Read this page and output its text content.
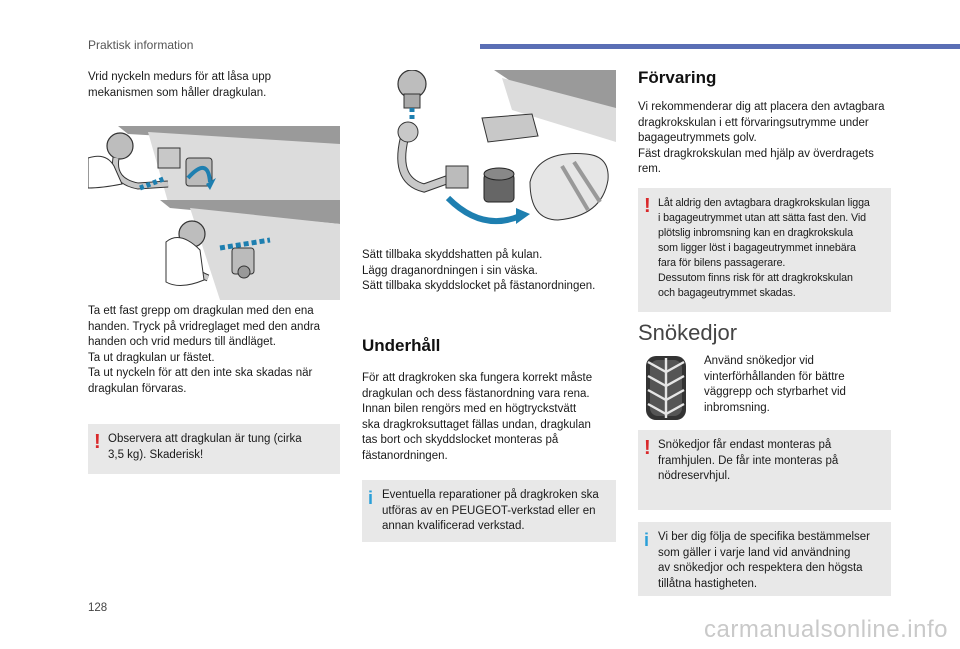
Praktisk information
Vrid nyckeln medurs för att låsa upp
mekanismen som håller dragkulan.
Ta ett fast grepp om dragkulan med den ena
handen. Tryck på vridreglaget med den andra
handen och vrid medurs till ändläget.
Ta ut dragkulan ur fästet.
Ta ut nyckeln för att den inte ska skadas när
dragkulan förvaras.
! Observera att dragkulan är tung (cirka
3,5 kg). Skaderisk!
Sätt tillbaka skyddshatten på kulan.
Lägg draganordningen i sin väska.
Sätt tillbaka skyddslocket på fästanordningen.
Underhåll
För att dragkroken ska fungera korrekt måste
dragkulan och dess fästanordning vara rena.
Innan bilen rengörs med en högtryckstvätt
ska dragkroksuttaget fällas undan, dragkulan
tas bort och skyddslocket monteras på
fästanordningen.
i Eventuella reparationer på dragkroken ska
utföras av en PEUGEOT-verkstad eller en
annan kvalificerad verkstad.
Förvaring
Vi rekommenderar dig att placera den avtagbara
dragkrokskulan i ett förvaringsutrymme under
bagageutrymmets golv.
Fäst dragkrokskulan med hjälp av överdragets
rem.
! Låt aldrig den avtagbara dragkrokskulan ligga
i bagageutrymmet utan att sätta fast den. Vid
plötslig inbromsning kan en dragkrokskula
som ligger löst i bagageutrymmet innebära
fara för bilens passagerare.
Dessutom finns risk för att dragkrokskulan
och bagageutrymmet skadas.
Snökedjor
Använd snökedjor vid
vinterförhållanden för bättre
väggrepp och styrbarhet vid
inbromsning.
! Snökedjor får endast monteras på
framhjulen. De får inte monteras på
nödreservhjul.
i Vi ber dig följa de specifika bestämmelser
som gäller i varje land vid användning
av snökedjor och respektera den högsta
tillåtna hastigheten.
128
carmanualsonline.info
